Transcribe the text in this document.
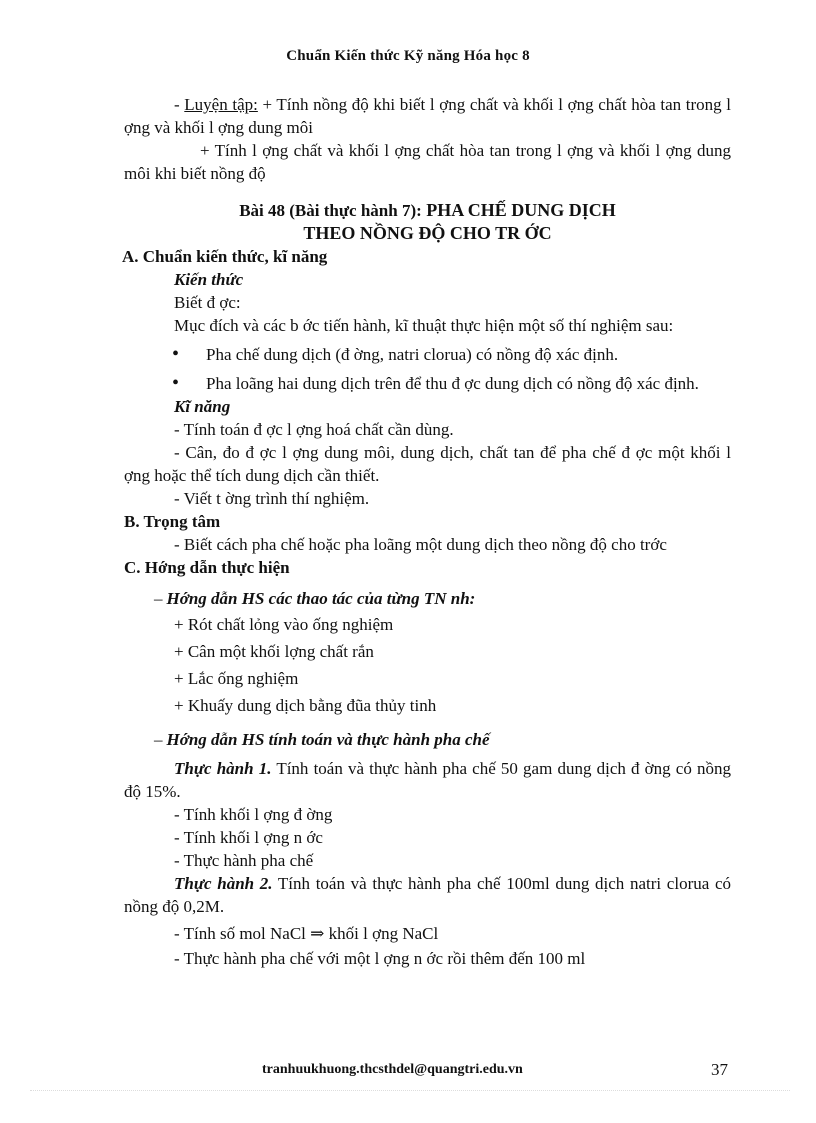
Chuẩn Kiến thức Kỹ năng Hóa học 8

- Luyện tập: + Tính nồng độ khi biết l ợng chất và khối l ợng chất hòa tan trong l ợng và khối l ợng dung môi

+ Tính l ợng chất và khối l ợng chất hòa tan trong l ợng và khối l ợng dung môi khi biết nồng độ

Bài 48 (Bài thực hành 7): PHA CHẾ DUNG DỊCH
THEO NỒNG ĐỘ CHO TR ỚC

A. Chuẩn kiến thức, kĩ năng

Kiến thức

Biết đ ợc:

Mục đích và các b ớc tiến hành, kĩ thuật thực hiện một số thí nghiệm sau:

• Pha chế dung dịch (đ ờng, natri clorua) có nồng độ xác định.
• Pha loãng hai dung dịch trên để thu đ ợc dung dịch có nồng độ xác định.

Kĩ năng

- Tính toán đ ợc l ợng hoá chất cần dùng.

- Cân, đo đ ợc l ợng dung môi, dung dịch, chất tan để pha chế đ ợc một khối l ợng hoặc thể tích dung dịch cần thiết.

- Viết t ờng trình thí nghiệm.

B. Trọng tâm

- Biết cách pha chế hoặc pha loãng một dung dịch theo nồng độ cho trớc

C. Hớng dẫn thực hiện

– Hớng dẫn HS các thao tác của từng TN nh:

+ Rót chất lỏng vào ống nghiệm

+ Cân một khối lợng chất rắn

+ Lắc ống nghiệm

+ Khuấy dung dịch bằng đũa thủy tinh

– Hớng dẫn HS tính toán và thực hành pha chế

Thực hành 1. Tính toán và thực hành pha chế 50 gam dung dịch đ ờng có nồng độ 15%.

- Tính khối l ợng đ ờng

- Tính khối l ợng n ớc

- Thực hành pha chế

Thực hành 2. Tính toán và thực hành pha chế 100ml dung dịch natri clorua có nồng độ 0,2M.

- Tính số mol NaCl ⇒ khối l ợng NaCl

- Thực hành pha chế với một l ợng n ớc rồi thêm đến 100 ml

tranhuukhuong.thcsthdel@quangtri.edu.vn	37
